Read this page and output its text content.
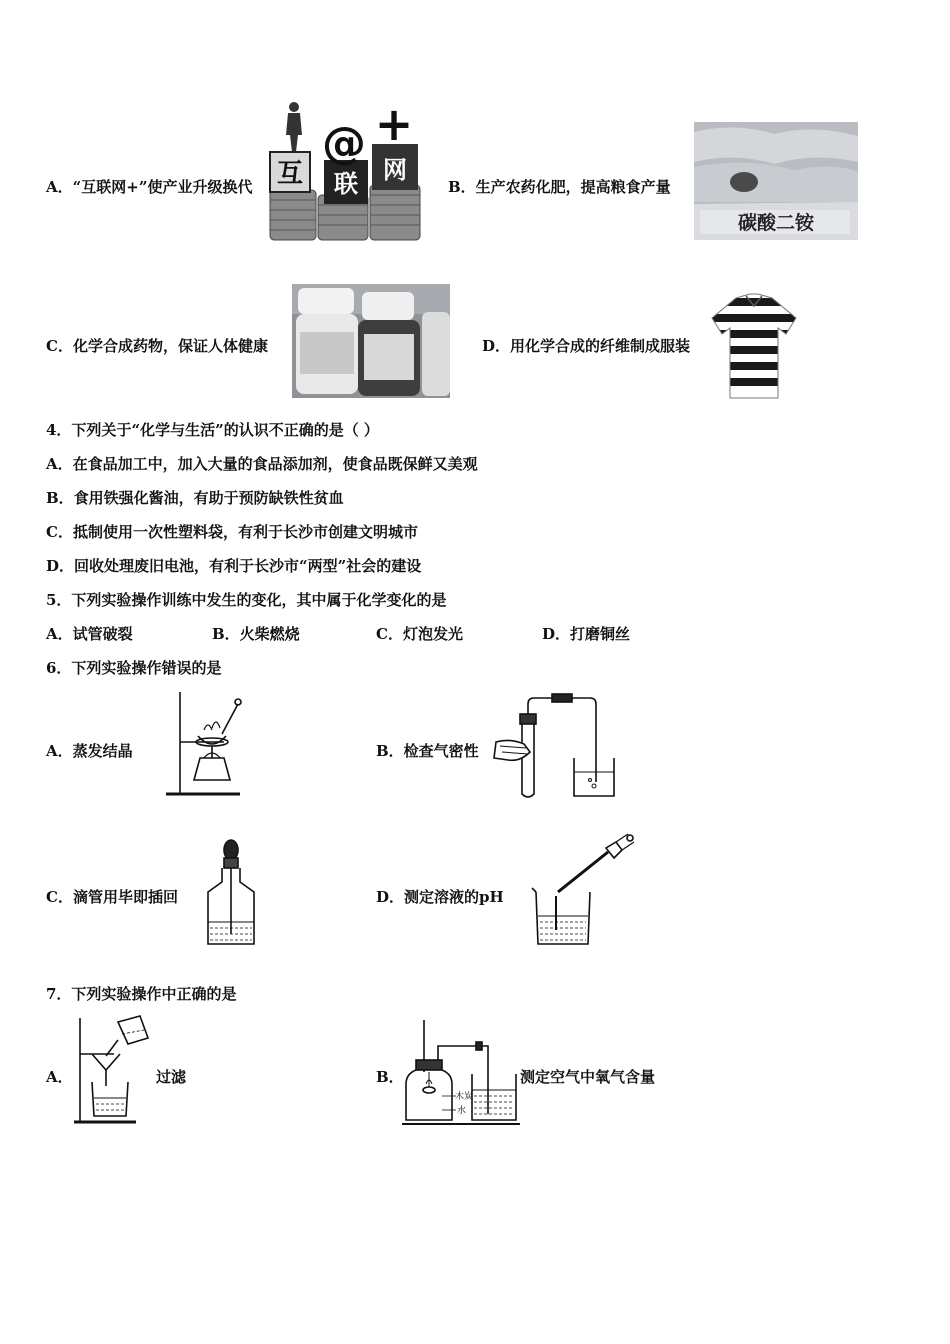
A．“互联网+”使产业升级换代 互 联 网
@ +
B．生产农药化肥，提高粮食产量
碳酸二铵
C．化学合成药物，保证人体健康	D．用化学合成的纤维制成服装
4．下列关于“化学与生活”的认识不正确的是（ ）
A．在食品加工中，加入大量的食品添加剂，使食品既保鲜又美观
B．食用铁强化酱油，有助于预防缺铁性贫血
C．抵制使用一次性塑料袋，有利于长沙市创建文明城市
D．回收处理废旧电池，有利于长沙市“两型”社会的建设
5．下列实验操作训练中发生的变化，其中属于化学变化的是
A．试管破裂	B．火柴燃烧	C．灯泡发光	D．打磨铜丝
6．下列实验操作错误的是
A．蒸发结晶	B．检查气密性
C．滴管用毕即插回	D．测定溶液的pH
7．下列实验操作中正确的是
A．	过滤	B．
木炭
水
测定空气中氧气含量
